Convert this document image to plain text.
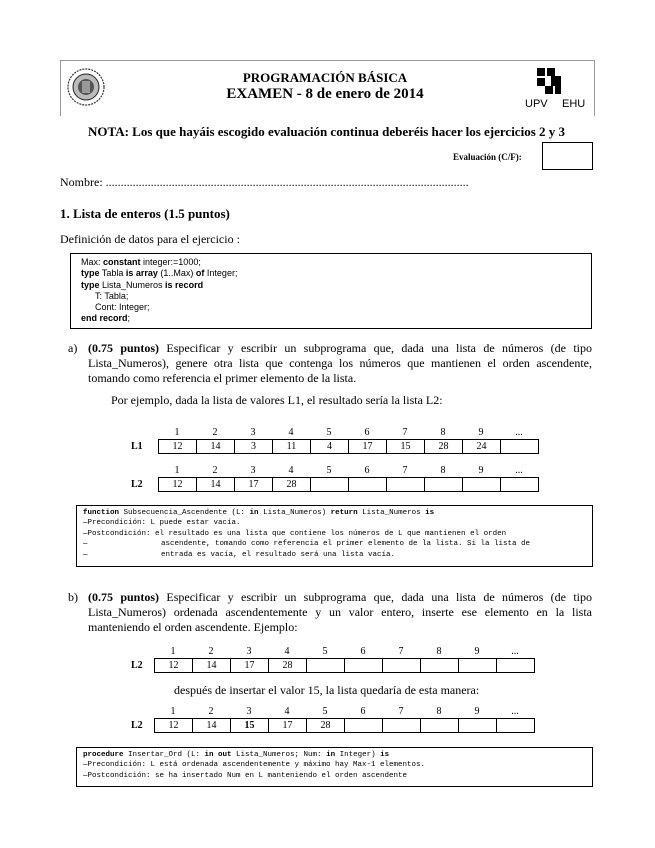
PROGRAMACIÓN BÁSICA
EXAMEN - 8 de enero de 2014
UPV EHU
NOTA: Los que hayáis escogido evaluación continua deberéis hacer los ejercicios 2 y 3
Evaluación (C/F):
Nombre: .........................................................................................................................
1. Lista de enteros (1.5 puntos)
Definición de datos para el ejercicio :
Max: constant integer:=1000;
type Tabla is array (1..Max) of Integer;
type Lista_Numeros is record
T: Tabla;
Cont: Integer;
end record;
a) (0.75 puntos) Especificar y escribir un subprograma que, dada una lista de números (de tipo Lista_Numeros), genere otra lista que contenga los números que mantienen el orden ascendente, tomando como referencia el primer elemento de la lista.
Por ejemplo, dada la lista de valores L1, el resultado sería la lista L2:
1	2	3	4	5	6	7	8	9	...
L1	12	14	3	11	4	17	15	28	24	
1	2	3	4	5	6	7	8	9	...
L2	12	14	17	28						
function Subsecuencia_Ascendente (L: in Lista_Numeros) return Lista_Numeros is
—Precondición: L puede estar vacía.
—Postcondición: el resultado es una lista que contiene los números de L que mantienen el orden
—	ascendente, tomando como referencia el primer elemento de la lista. Si la lista de
—	entrada es vacía, el resultado será una lista vacía.
b) (0.75 puntos) Especificar y escribir un subprograma que, dada una lista de números (de tipo Lista_Numeros) ordenada ascendentemente y un valor entero, inserte ese elemento en la lista manteniendo el orden ascendente. Ejemplo:
1	2	3	4	5	6	7	8	9	...
L2	12	14	17	28						
después de insertar el valor 15, la lista quedaría de esta manera:
1	2	3	4	5	6	7	8	9	...
L2	12	14	15	17	28					
procedure Insertar_Ord (L: in out Lista_Numeros; Num: in Integer) is
—Precondición: L está ordenada ascendentemente y máximo hay Max-1 elementos.
—Postcondición: se ha insertado Num en L manteniendo el orden ascendente
